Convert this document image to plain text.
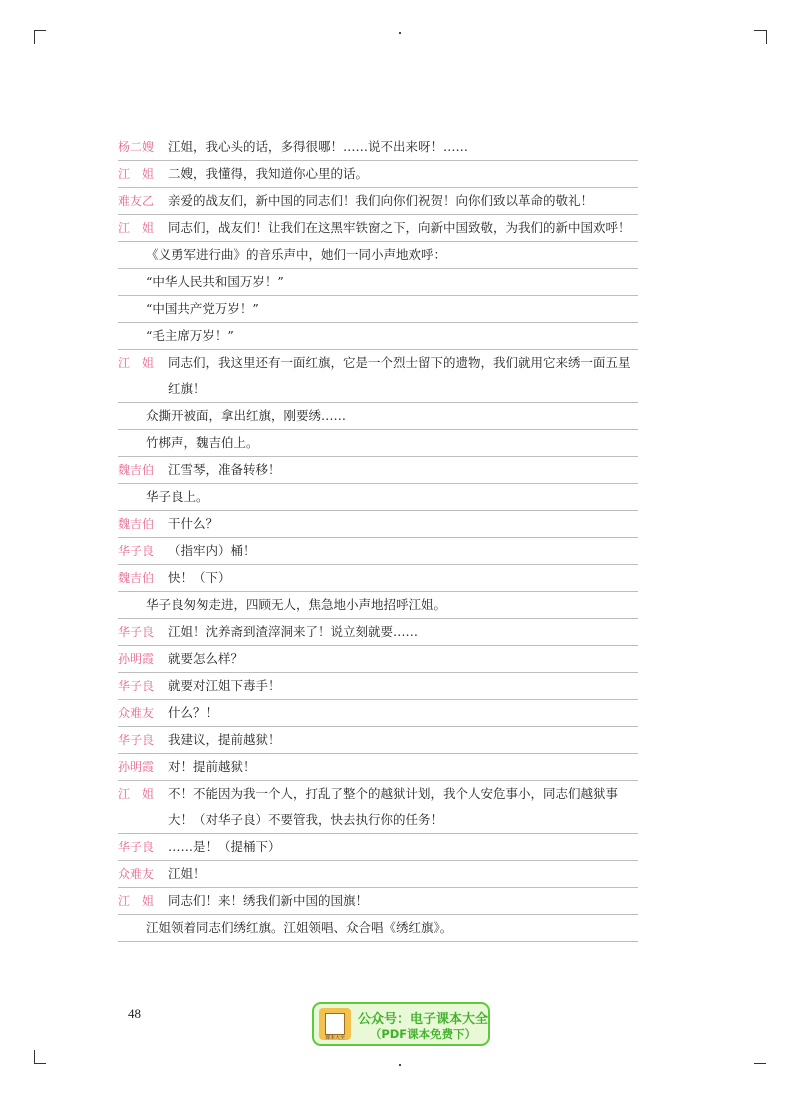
杨二嫂	江姐，我心头的话，多得很哪！……说不出来呀！……
江　姐	二嫂，我懂得，我知道你心里的话。
难友乙	亲爱的战友们，新中国的同志们！我们向你们祝贺！向你们致以革命的敬礼！
江　姐	同志们，战友们！让我们在这黑牢铁窗之下，向新中国致敬，为我们的新中国欢呼！
《义勇军进行曲》的音乐声中，她们一同小声地欢呼：
“中华人民共和国万岁！”
“中国共产党万岁！”
“毛主席万岁！”
江　姐	同志们，我这里还有一面红旗，它是一个烈士留下的遗物，我们就用它来绣一面五星红旗！
众撕开被面，拿出红旗，刚要绣……
竹梆声，魏吉伯上。
魏吉伯	江雪琴，准备转移！
华子良上。
魏吉伯	干什么？
华子良	（指牢内）桶！
魏吉伯	快！（下）
华子良匆匆走进，四顾无人，焦急地小声地招呼江姐。
华子良	江姐！沈养斋到渣滓洞来了！说立刻就要……
孙明霞	就要怎么样？
华子良	就要对江姐下毒手！
众难友	什么？！
华子良	我建议，提前越狱！
孙明霞	对！提前越狱！
江　姐	不！不能因为我一个人，打乱了整个的越狱计划，我个人安危事小，同志们越狱事大！（对华子良）不要管我，快去执行你的任务！
华子良	……是！（提桶下）
众难友	江姐！
江　姐	同志们！来！绣我们新中国的国旗！
江姐领着同志们绣红旗。江姐领唱、众合唱《绣红旗》。
48
课本大全
公众号：电子课本大全
（PDF课本免费下）
